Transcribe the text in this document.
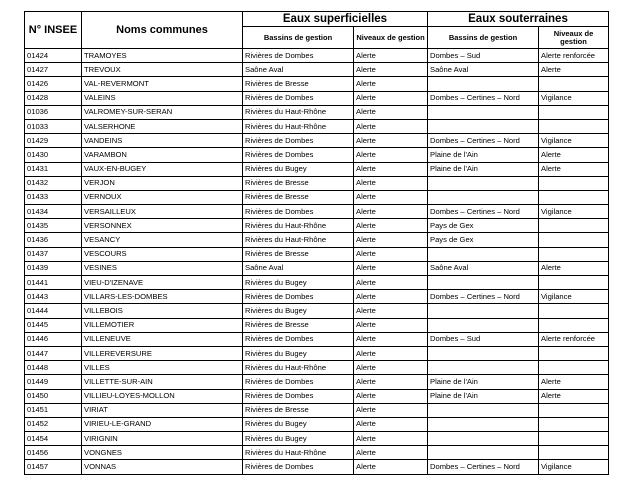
N° INSEE	Noms communes	Eaux superficielles		Eaux souterraines	
		Bassins de gestion	Niveaux de gestion	Bassins de gestion	Niveaux de gestion
01424	TRAMOYES	Rivières de Dombes	Alerte	Dombes – Sud	Alerte renforcée
01427	TREVOUX	Saône Aval	Alerte	Saône Aval	Alerte
01426	VAL-REVERMONT	Rivières de Bresse	Alerte		
01428	VALEINS	Rivières de Dombes	Alerte	Dombes – Certines – Nord	Vigilance
01036	VALROMEY-SUR-SERAN	Rivières du Haut-Rhône	Alerte		
01033	VALSERHONE	Rivières du Haut-Rhône	Alerte		
01429	VANDEINS	Rivières de Dombes	Alerte	Dombes – Certines – Nord	Vigilance
01430	VARAMBON	Rivières de Dombes	Alerte	Plaine de l'Ain	Alerte
01431	VAUX-EN-BUGEY	Rivières du Bugey	Alerte	Plaine de l'Ain	Alerte
01432	VERJON	Rivières de Bresse	Alerte		
01433	VERNOUX	Rivières de Bresse	Alerte		
01434	VERSAILLEUX	Rivières de Dombes	Alerte	Dombes – Certines – Nord	Vigilance
01435	VERSONNEX	Rivières du Haut-Rhône	Alerte	Pays de Gex	
01436	VESANCY	Rivières du Haut-Rhône	Alerte	Pays de Gex	
01437	VESCOURS	Rivières de Bresse	Alerte		
01439	VESINES	Saône Aval	Alerte	Saône Aval	Alerte
01441	VIEU-D'IZENAVE	Rivières du Bugey	Alerte		
01443	VILLARS-LES-DOMBES	Rivières de Dombes	Alerte	Dombes – Certines – Nord	Vigilance
01444	VILLEBOIS	Rivières du Bugey	Alerte		
01445	VILLEMOTIER	Rivières de Bresse	Alerte		
01446	VILLENEUVE	Rivières de Dombes	Alerte	Dombes – Sud	Alerte renforcée
01447	VILLEREVERSURE	Rivières du Bugey	Alerte		
01448	VILLES	Rivières du Haut-Rhône	Alerte		
01449	VILLETTE-SUR-AIN	Rivières de Dombes	Alerte	Plaine de l'Ain	Alerte
01450	VILLIEU-LOYES-MOLLON	Rivières de Dombes	Alerte	Plaine de l'Ain	Alerte
01451	VIRIAT	Rivières de Bresse	Alerte		
01452	VIRIEU-LE-GRAND	Rivières du Bugey	Alerte		
01454	VIRIGNIN	Rivières du Bugey	Alerte		
01456	VONGNES	Rivières du Haut-Rhône	Alerte		
01457	VONNAS	Rivières de Dombes	Alerte	Dombes – Certines – Nord	Vigilance
